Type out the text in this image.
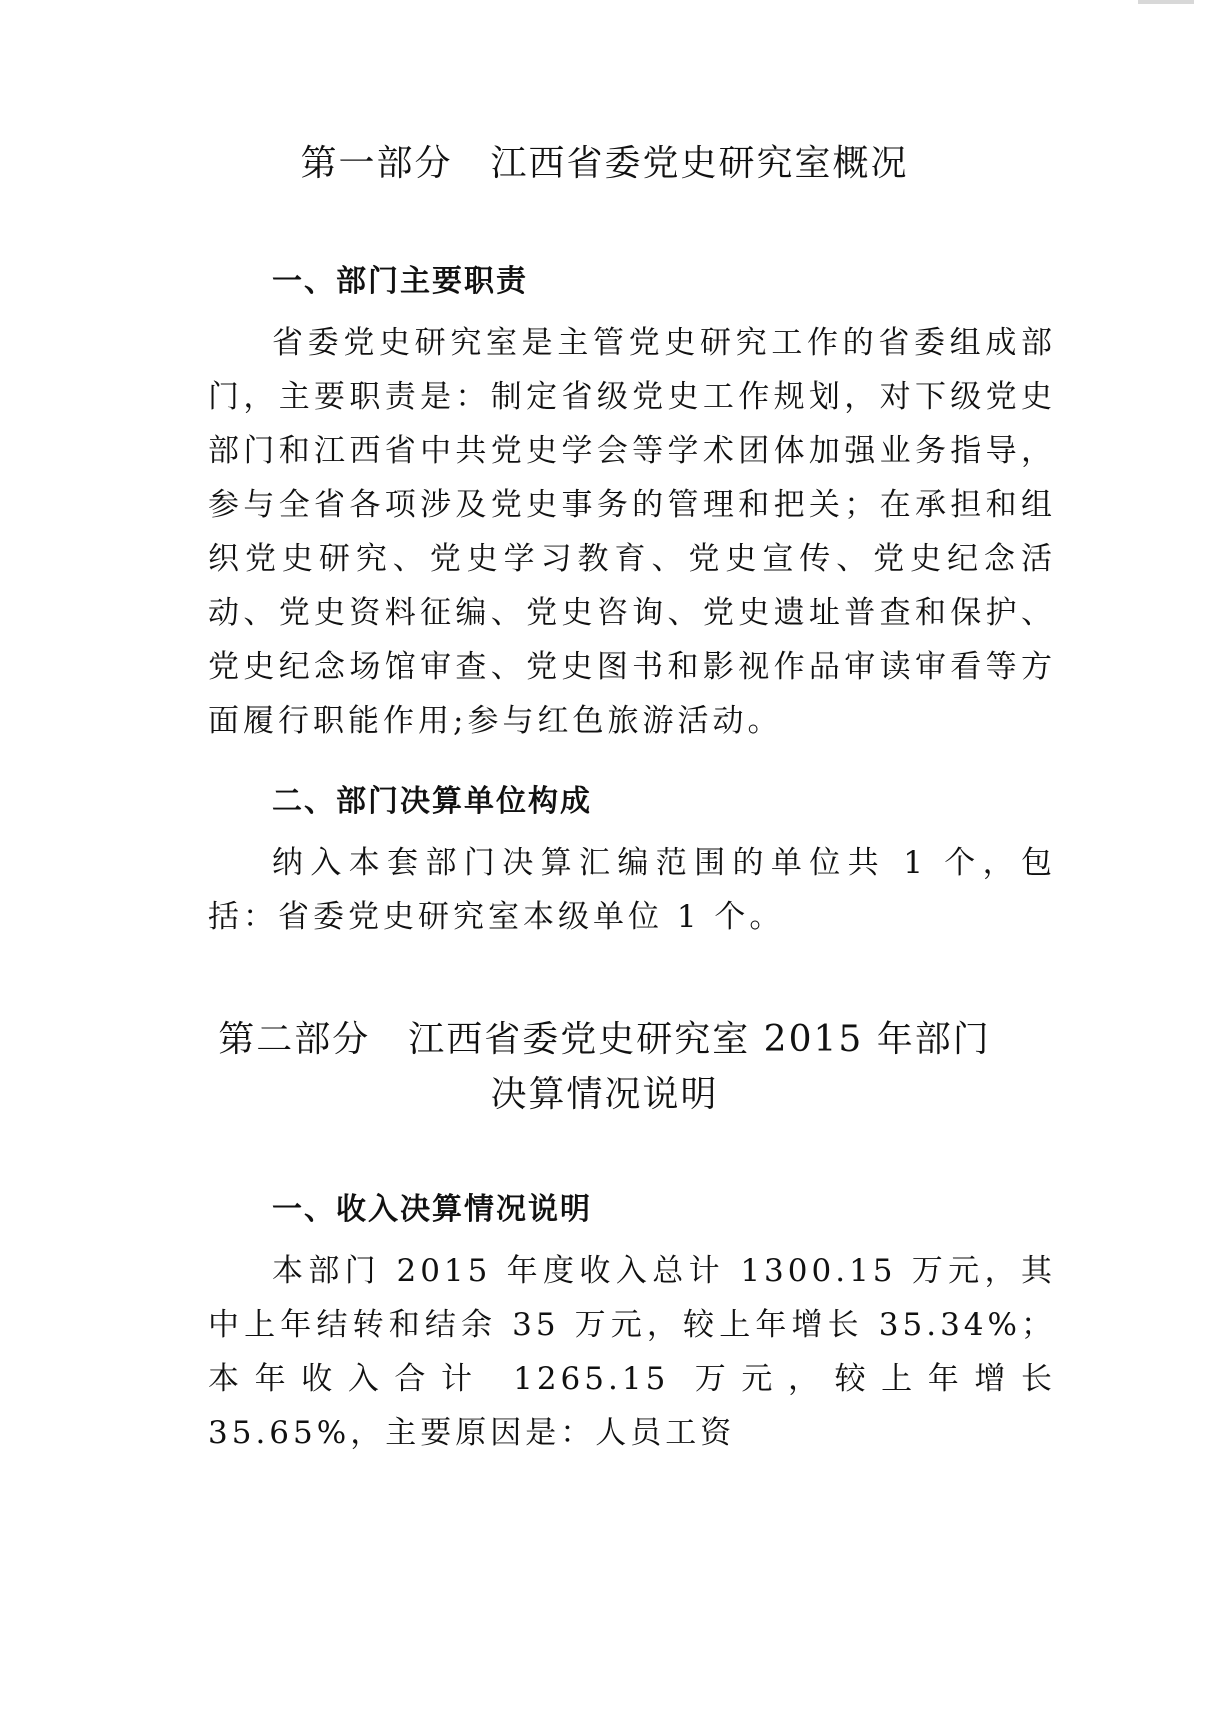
第一部分　江西省委党史研究室概况
一、部门主要职责
省委党史研究室是主管党史研究工作的省委组成部门，主要职责是：制定省级党史工作规划，对下级党史部门和江西省中共党史学会等学术团体加强业务指导，参与全省各项涉及党史事务的管理和把关；在承担和组织党史研究、党史学习教育、党史宣传、党史纪念活动、党史资料征编、党史咨询、党史遗址普查和保护、党史纪念场馆审查、党史图书和影视作品审读审看等方面履行职能作用;参与红色旅游活动。
二、部门决算单位构成
纳入本套部门决算汇编范围的单位共 1 个，包括：省委党史研究室本级单位 1 个。
第二部分　江西省委党史研究室 2015 年部门
决算情况说明
一、收入决算情况说明
本部门 2015 年度收入总计 1300.15 万元，其中上年结转和结余 35 万元，较上年增长 35.34%；本年收入合计 1265.15 万元，较上年增长 35.65%，主要原因是：人员工资
